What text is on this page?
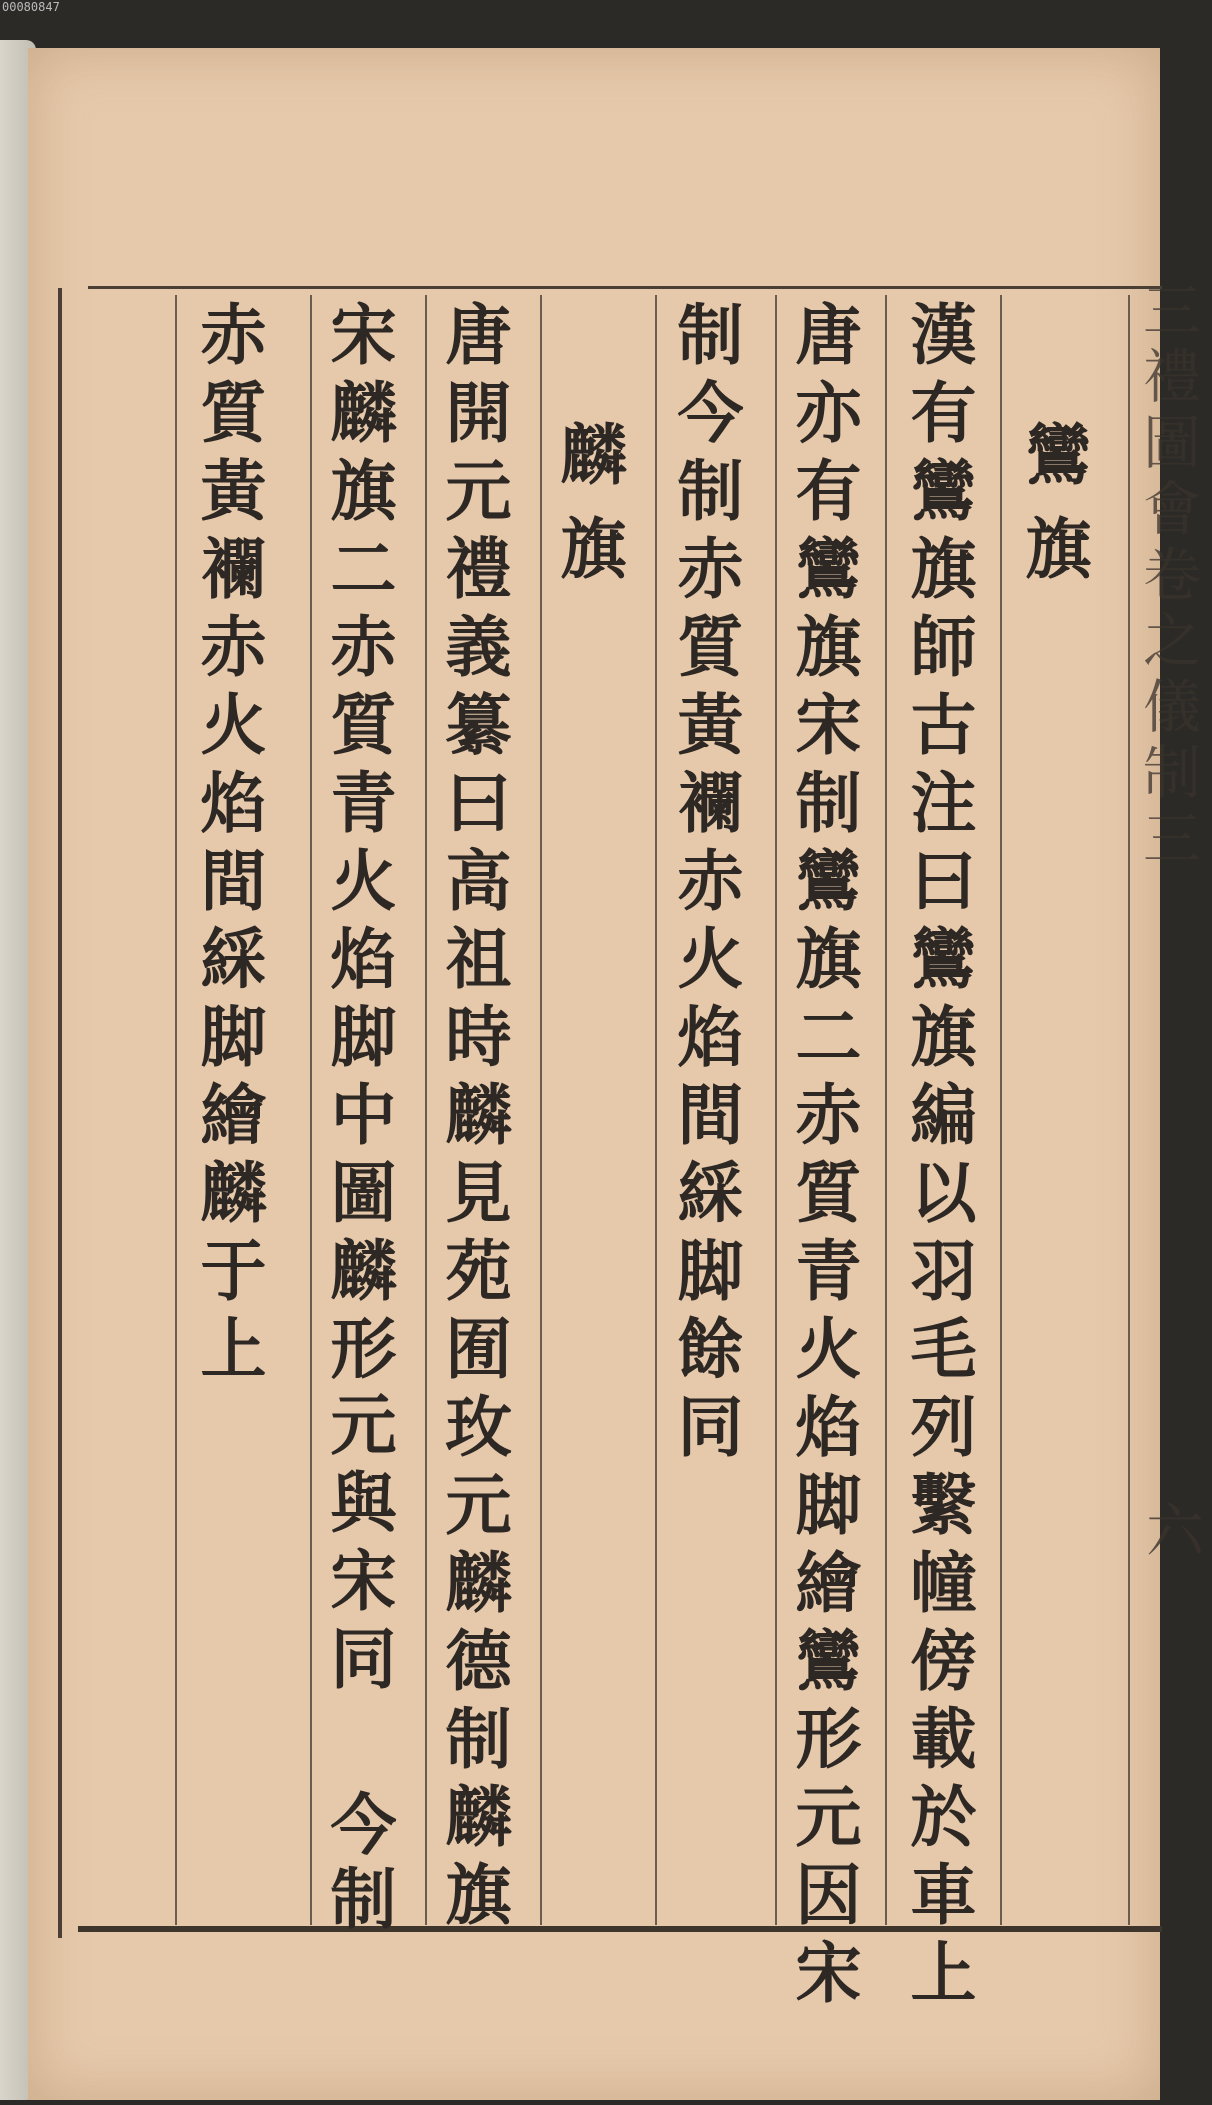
00080847
三禮圖會卷之儀制三
六
鸞旗
漢有鸞旗師古注曰鸞旗編以羽毛列繫幢傍載於車上
唐亦有鸞旗宋制鸞旗二赤質青火焰脚繪鸞形元因宋
制今制赤質黃襴赤火焰間綵脚餘同
麟旗
唐開元禮義纂曰高祖時麟見苑囿玫元麟德制麟旗
宋麟旗二赤質青火焰脚中圖麟形
元與宋同
今制
赤質黃襴赤火焰間綵脚繪麟于上
